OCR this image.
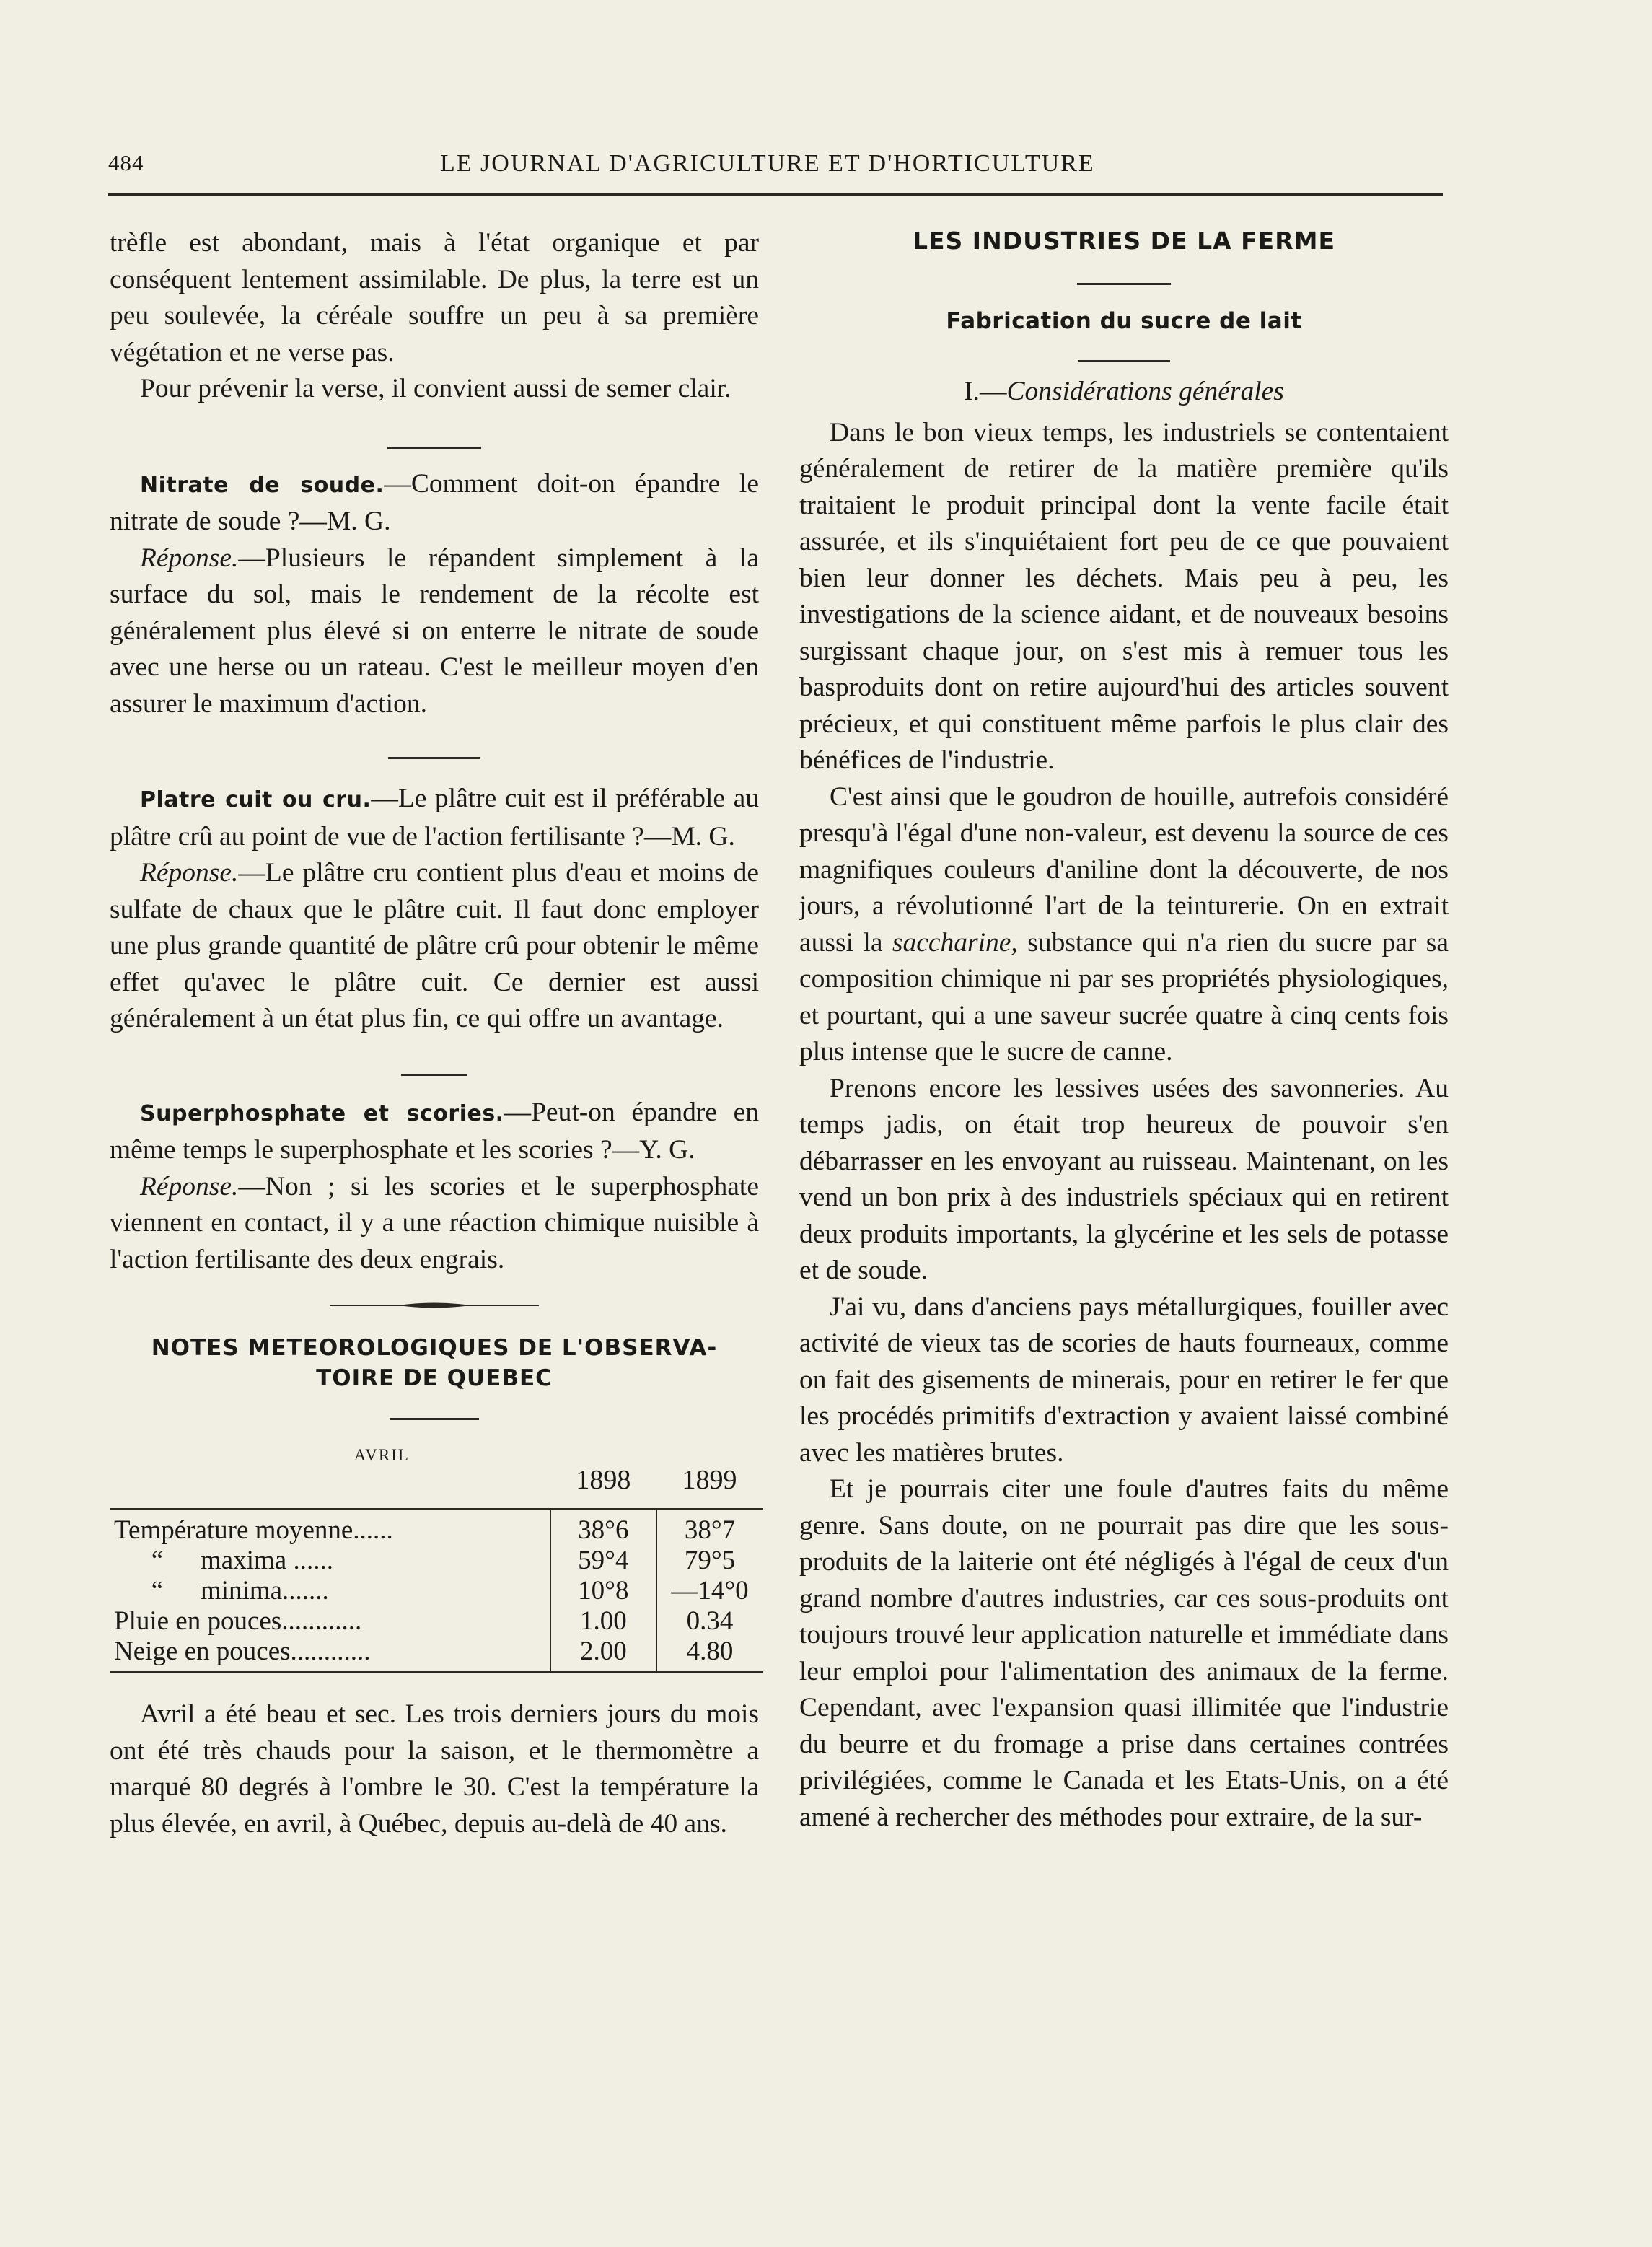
484	LE JOURNAL D'AGRICULTURE ET D'HORTICULTURE

trèfle est abondant, mais à l'état organique et par conséquent lentement assimilable. De plus, la terre est un peu soulevée, la céréale souffre un peu à sa première végétation et ne verse pas.

Pour prévenir la verse, il convient aussi de semer clair.

Nitrate de soude.—Comment doit-on épandre le nitrate de soude ?—M. G.

Réponse.—Plusieurs le répandent simplement à la surface du sol, mais le rendement de la récolte est généralement plus élevé si on enterre le nitrate de soude avec une herse ou un rateau. C'est le meilleur moyen d'en assurer le maximum d'action.

Platre cuit ou cru.—Le plâtre cuit est il préférable au plâtre crû au point de vue de l'action fertilisante ?—M. G.

Réponse.—Le plâtre cru contient plus d'eau et moins de sulfate de chaux que le plâtre cuit. Il faut donc employer une plus grande quantité de plâtre crû pour obtenir le même effet qu'avec le plâtre cuit. Ce dernier est aussi généralement à un état plus fin, ce qui offre un avantage.

Superphosphate et scories.—Peut-on épandre en même temps le superphosphate et les scories ?—Y. G.

Réponse.—Non ; si les scories et le superphosphate viennent en contact, il y a une réaction chimique nuisible à l'action fertilisante des deux engrais.

NOTES METEOROLOGIQUES DE L'OBSERVA-
TOIRE DE QUEBEC
AVRIL	1898	1899
Température moyenne......	38°6	38°7
“ maxima ......	59°4	79°5
“ minima.......	10°8	—14°0
Pluie en pouces............	1.00	0.34
Neige en pouces............	2.00	4.80

Avril a été beau et sec. Les trois derniers jours du mois ont été très chauds pour la saison, et le thermomètre a marqué 80 degrés à l'ombre le 30. C'est la température la plus élevée, en avril, à Québec, depuis au-delà de 40 ans.

LES INDUSTRIES DE LA FERME
Fabrication du sucre de lait
I.—Considérations générales

Dans le bon vieux temps, les industriels se contentaient généralement de retirer de la matière première qu'ils traitaient le produit principal dont la vente facile était assurée, et ils s'inquiétaient fort peu de ce que pouvaient bien leur donner les déchets. Mais peu à peu, les investigations de la science aidant, et de nouveaux besoins surgissant chaque jour, on s'est mis à remuer tous les basproduits dont on retire aujourd'hui des articles souvent précieux, et qui constituent même parfois le plus clair des bénéfices de l'industrie.

C'est ainsi que le goudron de houille, autrefois considéré presqu'à l'égal d'une non-valeur, est devenu la source de ces magnifiques couleurs d'aniline dont la découverte, de nos jours, a révolutionné l'art de la teinturerie. On en extrait aussi la saccharine, substance qui n'a rien du sucre par sa composition chimique ni par ses propriétés physiologiques, et pourtant, qui a une saveur sucrée quatre à cinq cents fois plus intense que le sucre de canne.

Prenons encore les lessives usées des savonneries. Au temps jadis, on était trop heureux de pouvoir s'en débarrasser en les envoyant au ruisseau. Maintenant, on les vend un bon prix à des industriels spéciaux qui en retirent deux produits importants, la glycérine et les sels de potasse et de soude.

J'ai vu, dans d'anciens pays métallurgiques, fouiller avec activité de vieux tas de scories de hauts fourneaux, comme on fait des gisements de minerais, pour en retirer le fer que les procédés primitifs d'extraction y avaient laissé combiné avec les matières brutes.

Et je pourrais citer une foule d'autres faits du même genre. Sans doute, on ne pourrait pas dire que les sous-produits de la laiterie ont été négligés à l'égal de ceux d'un grand nombre d'autres industries, car ces sous-produits ont toujours trouvé leur application naturelle et immédiate dans leur emploi pour l'alimentation des animaux de la ferme. Cependant, avec l'expansion quasi illimitée que l'industrie du beurre et du fromage a prise dans certaines contrées privilégiées, comme le Canada et les Etats-Unis, on a été amené à rechercher des méthodes pour extraire, de la sur-
